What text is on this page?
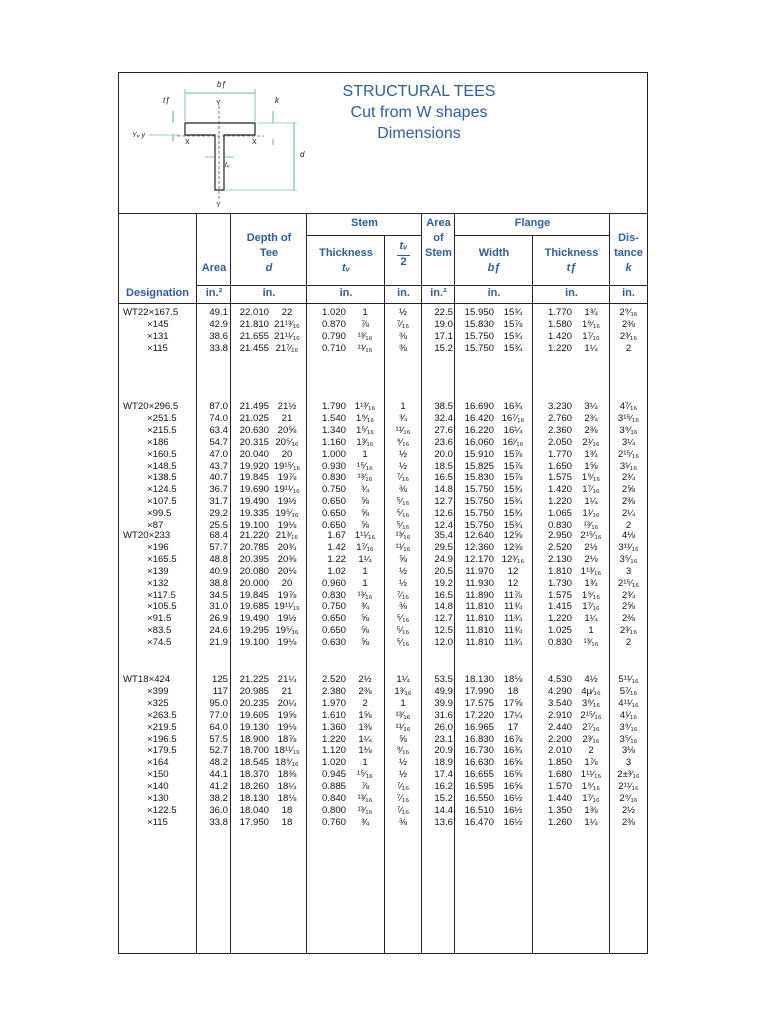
bƒ
tƒ	k
Y
X	X
Yₚ y
tᵥ
d
Y
STRUCTURAL TEES
Cut from W shapes
Dimensions
Area
Depth of
Tee
d
Stem
Thickness
tᵥ
tᵥ
2
Area
of
Stem
Flange
Width
bƒ
Thickness
tƒ
Dis-
tance
k
Designation	in.²	in.	in.	in.	in.²	in.	in.	in.
WT22×167.5	49.1	22.010	22	1.020	1	½	22.5	15.950	15¾	1.770	1¾	2⁹⁄₁₆
×145	42.9	21.810 21¹³⁄₁₆	0.870	⅞	⁷⁄₁₆	19.0	15.830	15⅞	1.580	1⁹⁄₁₆	2⅜
×131	38.6	21.655 21¹¹⁄₁₆	0.790	¹³⁄₁₆	⅜	17.1	15.750	15¾	1.420	1⁷⁄₁₆	2³⁄₁₆
×115	33.8	21.455 21⁷⁄₁₆	0.710	¹¹⁄₁₆	⅜	15.2	15.750	15¾	1.220	1¼	2
WT20×296.5	87.0	21.495 21½	1.790 1¹³⁄₁₆	1	38.5	16.690	16¾	3.230	3¼	4⁷⁄₁₆
×251.5	74.0	21.025	21	1.540	1⁹⁄₁₆	¾	32.4	16.420 16⁷⁄₁₆	2.760	2¾	3¹⁵⁄₁₆
×215.5	63.4	20.630 20⅝	1.340	1⁵⁄₁₆	¹¹⁄₁₆	27.6	16.220	16¼	2.360	2⅜	3⁹⁄₁₆
×186	54.7	20.315 20⁵⁄₁₆	1.160	1³⁄₁₆	⁹⁄₁₆	23.6	16.060 16ⁱ⁄₁₆	2.050	2¹⁄₁₆	3¼
×160.5	47.0	20.040	20	1.000	1	½	20.0	15.910	15⅞	1.770	1¾	2¹⁵⁄₁₆
×148.5	43.7	19.920 19¹⁵⁄₁₆	0.930	¹⁵⁄₁₆	½	18.5	15.825	15⅞	1.650	1⅝	3¹⁄₁₆
×138.5	40.7	19.845 19⅞	0.830	¹³⁄₁₆	⁷⁄₁₆	16.5	15.830	15⅞	1.575	1⁹⁄₁₆	2¾
×124.5	36.7	19.690 19¹¹⁄₁₆	0.750	¾	⅜	14.8	15.750	15¾	1.420	1⁷⁄₁₆	2⅝
×107.5	31.7	19.490 19½	0.650	⅝	⁵⁄₁₆	12.7	15.750	15¾	1.220	1¼	2⅜
×99.5	29.2	19.335 19⁵⁄₁₆	0.650	⅝	⁵⁄₁₆	12.6	15.750	15¾	1.065	1¹⁄₁₆	2¼
×87	25.5	19.100 19⅛	0.650	⅝	⁵⁄₁₆	12.4	15.750	15¾	0.830	¹³⁄₁₆	2
WT20×233	68.4	21.220 21³⁄₁₆	1.67 1¹¹⁄₁₆	¹³⁄₁₆	35.4	12.640	12⅝	2.950 2¹⁵⁄₁₆	4⅛
×196	57.7	20.785 20¾	1.42	1⁷⁄₁₆	¹¹⁄₁₆	29.5	12.360	12⅜	2.520	2½	3¹¹⁄₁₆
×165.5	48.8	20.395 20⅜	1.22	1¼	⅝	24.9	12.170 12³⁄₁₆	2.130	2⅛	3⁵⁄₁₆
×139	40.9	20.080 20⅛	1.02	1	½	20.5	11.970	12	1.810 1¹³⁄₁₆	3
×132	38.8	20.000	20	0.960	1	½	19.2	11.930	12	1.730	1¾	2¹⁵⁄₁₆
×117.5	34.5	19.845 19⅞	0.830	¹³⁄₁₆	⁷⁄₁₆	16.5	11.890	11⅞	1.575	1⁹⁄₁₆	2¾
×105.5	31.0	19.685 19¹¹⁄₁₆	0.750	¾	⅜	14.8	11.810	11¾	1.415	1⁷⁄₁₆	2⅝
×91.5	26.9	19.490 19½	0.650	⅝	⁵⁄₁₆	12.7	11.810	11¾	1.220	1¼	2⅜
×83.5	24.6	19.295 19⁵⁄₁₆	0.650	⅝	⁵⁄₁₆	12.5	11.810	11¾	1.025	1	2³⁄₁₆
×74.5	21.9	19.100 19⅛	0.630	⅝	⁵⁄₁₆	12.0	11.810	11¾	0.830	¹³⁄₁₆	2
WT18×424	125	21.225 21¼	2.520	2½	1¼	53.5	18.130	18⅛	4.530	4½	5¹¹⁄₁₆
×399	117	20.985	21	2.380	2⅜	1³⁄₁₆	49.9	17.990	18	4.290 4µ⁄₁₆	5⁷⁄₁₆
×325	95.0	20.235 20¼	1.970	2	1	39.9	17.575	17⅝	3.540	3⁹⁄₁₆	4¹¹⁄₁₆
×263.5	77.0	19.605 19⅝	1.610	1⅝	¹³⁄₁₆	31.6	17.220	17¼	2.910 2¹⁵⁄₁₆	4¹⁄₁₆
×219.5	64.0	19.130 19⅛	1.360	1⅜	¹¹⁄₁₆	26.0	16.965	17	2.440	2⁷⁄₁₆	3⁹⁄₁₆
×196.5	57.5	18.900 18⅞	1.220	1¼	⅝	23.1	16.830	16⅞	2.200	2³⁄₁₆	3⁵⁄₁₆
×179.5	52.7	18.700 18¹¹⁄₁₆	1.120	1⅛	⁹⁄₁₆	20.9	16.730	16¾	2.010	2	3⅛
×164	48.2	18.545 18⁹⁄₁₆	1.020	1	½	18.9	16.630	16⅝	1.850	1⅞	3
×150	44.1	18.370 18⅜	0.945	¹⁵⁄₁₆	½	17.4	16.655	16⅝	1.680 1¹¹⁄₁₆	2±³⁄₁₆
×140	41.2	18.260 18¼	0.885	⅞	⁷⁄₁₆	16.2	16.595	16⅝	1.570	1⁹⁄₁₆	2¹¹⁄₁₆
×130	38.2	18.130 18⅛	0.840	¹³⁄₁₆	⁷⁄₁₆	15.2	16.550	16½	1.440	1⁷⁄₁₆	2⁹⁄₁₆
×122.5	36.0	18.040	18	0.800	¹³⁄₁₆	⁷⁄₁₆	14.4	16.510	16½	1.350	1⅜	2½
×115	33.8	17.950	18	0.760	¾	⅜	13.6	16.470	16½	1.260	1¼	2⅜
